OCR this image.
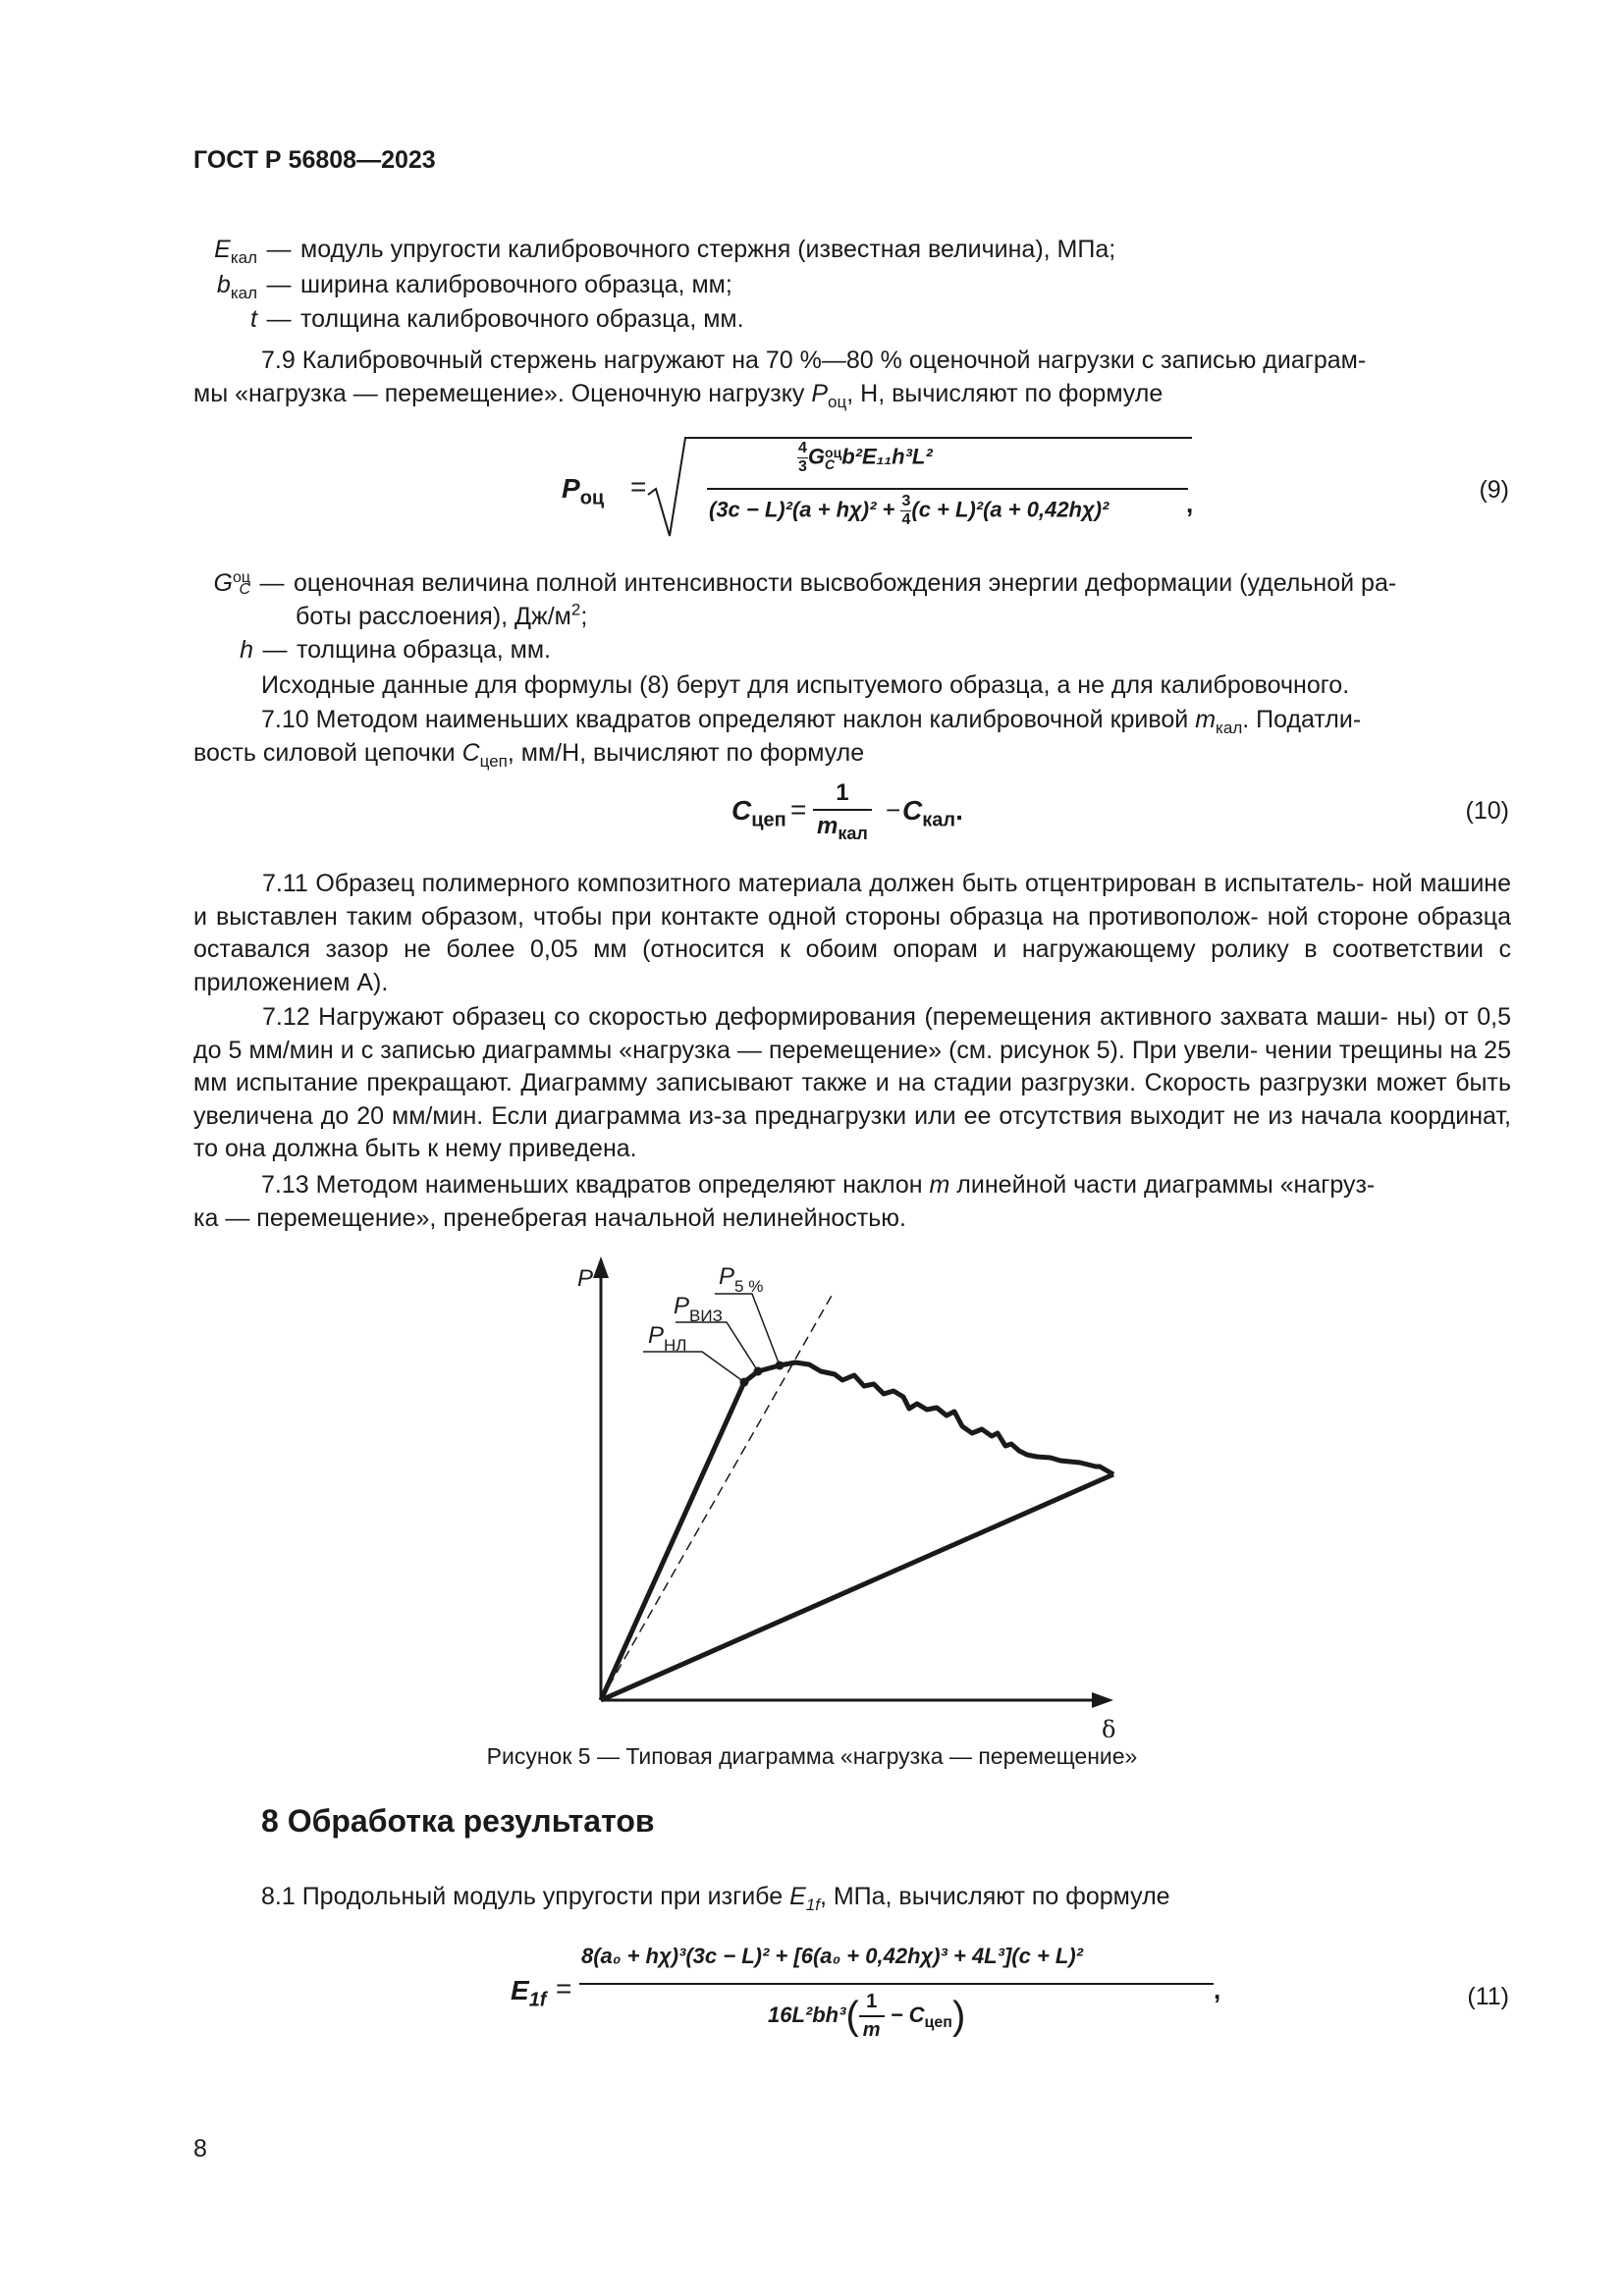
ГОСТ Р 56808—2023
$E_{кал}$ — модуль упругости калибровочного стержня (известная величина), МПа;
$b_{кал}$ — ширина калибровочного образца, мм;
t — толщина калибровочного образца, мм.
7.9 Калибровочный стержень нагружают на 70 %—80 % оценочной нагрузки с записью диаграм-
мы «нагрузка — перемещение». Оценочную нагрузку $P_{оц}$, Н, вычисляют по формуле
$P_{оц}$ =
$\frac{4}{3}$ G оц
C b²E₁₁h³L²
$(3c - L)^2(a + h\chi)^2 + \frac{3}{4} (c + L)^2(a + 0,42h\chi)^2$	,	(9)
G оц
C — оценочная величина полной интенсивности высвобождения энергии деформации (удельной ра-
боты расслоения), $Дж/м^2$;
h — толщина образца, мм.
Исходные данные для формулы (8) берут для испытуемого образца, а не для калибровочного.
7.10 Методом наименьших квадратов определяют наклон калибровочной кривой $m_{кал}$. Податли-
вость силовой цепочки $C_{цеп}$, мм/Н, вычисляют по формуле
$C_{цеп} = \frac{1}{m_{кал}} - C_{кал}$.	(10)
7.11 Образец полимерного композитного материала должен быть отцентрирован в испытатель- ной машине и выставлен таким образом, чтобы при контакте одной стороны образца на противополож- ной стороне образца оставался зазор не более 0,05 мм (относится к обоим опорам и нагружающему ролику в соответствии с приложением А).
7.12 Нагружают образец со скоростью деформирования (перемещения активного захвата маши- ны) от 0,5 до 5 мм/мин и с записью диаграммы «нагрузка — перемещение» (см. рисунок 5). При увели- чении трещины на 25 мм испытание прекращают. Диаграмму записывают также и на стадии разгрузки. Скорость разгрузки может быть увеличена до 20 мм/мин. Если диаграмма из-за преднагрузки или ее отсутствия выходит не из начала координат, то она должна быть к нему приведена.
7.13 Методом наименьших квадратов определяют наклон m линейной части диаграммы «нагруз-
ка — перемещение», пренебрегая начальной нелинейностью.
P
δ
$P_{5 \%}$
$P_{ВИЗ}$
$P_{НЛ}$
Рисунок 5 — Типовая диаграмма «нагрузка — перемещение»
8 Обработка результатов
8.1 Продольный модуль упругости при изгибе $E_{1f}$, МПа, вычисляют по формуле
$E_{1f}$ =
8(a₀ + hχ)³(3c − L)² + [6(a₀ + 0,42hχ)³ + 4L³](c + L)²
$16L^2bh^3( \frac{1}{m} - C_{цеп})$
,	(11)
8
